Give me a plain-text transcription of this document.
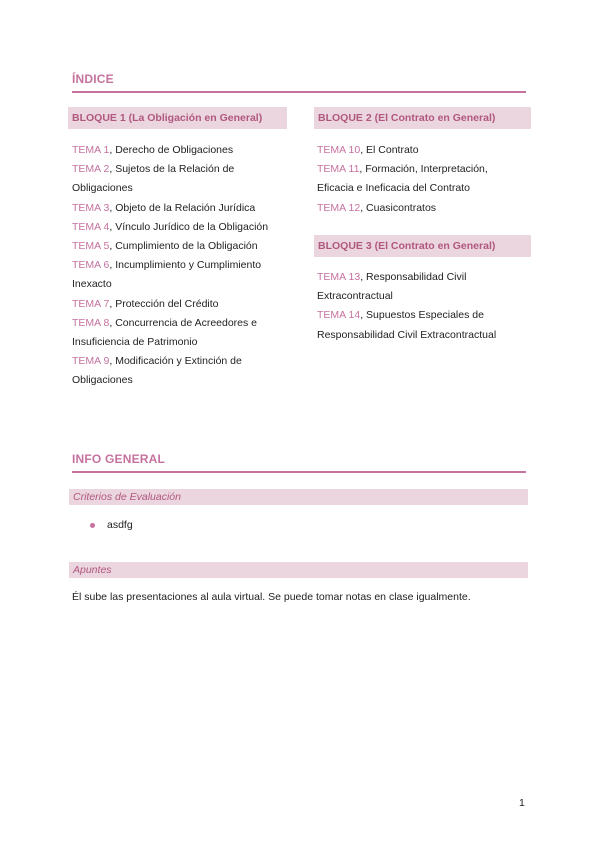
ÍNDICE
BLOQUE 1 (La Obligación en General)
TEMA 1, Derecho de Obligaciones
TEMA 2, Sujetos de la Relación de Obligaciones
TEMA 3, Objeto de la Relación Jurídica
TEMA 4, Vínculo Jurídico de la Obligación
TEMA 5, Cumplimiento de la Obligación
TEMA 6, Incumplimiento y Cumplimiento Inexacto
TEMA 7, Protección del Crédito
TEMA 8, Concurrencia de Acreedores e Insuficiencia de Patrimonio
TEMA 9, Modificación y Extinción de Obligaciones
BLOQUE 2 (El Contrato en General)
TEMA 10, El Contrato
TEMA 11, Formación, Interpretación, Eficacia e Ineficacia del Contrato
TEMA 12, Cuasicontratos
BLOQUE 3 (El Contrato en General)
TEMA 13, Responsabilidad Civil Extracontractual
TEMA 14, Supuestos Especiales de Responsabilidad Civil Extracontractual
INFO GENERAL
Criterios de Evaluación
asdfg
Apuntes
Él sube las presentaciones al aula virtual. Se puede tomar notas en clase igualmente.
1
